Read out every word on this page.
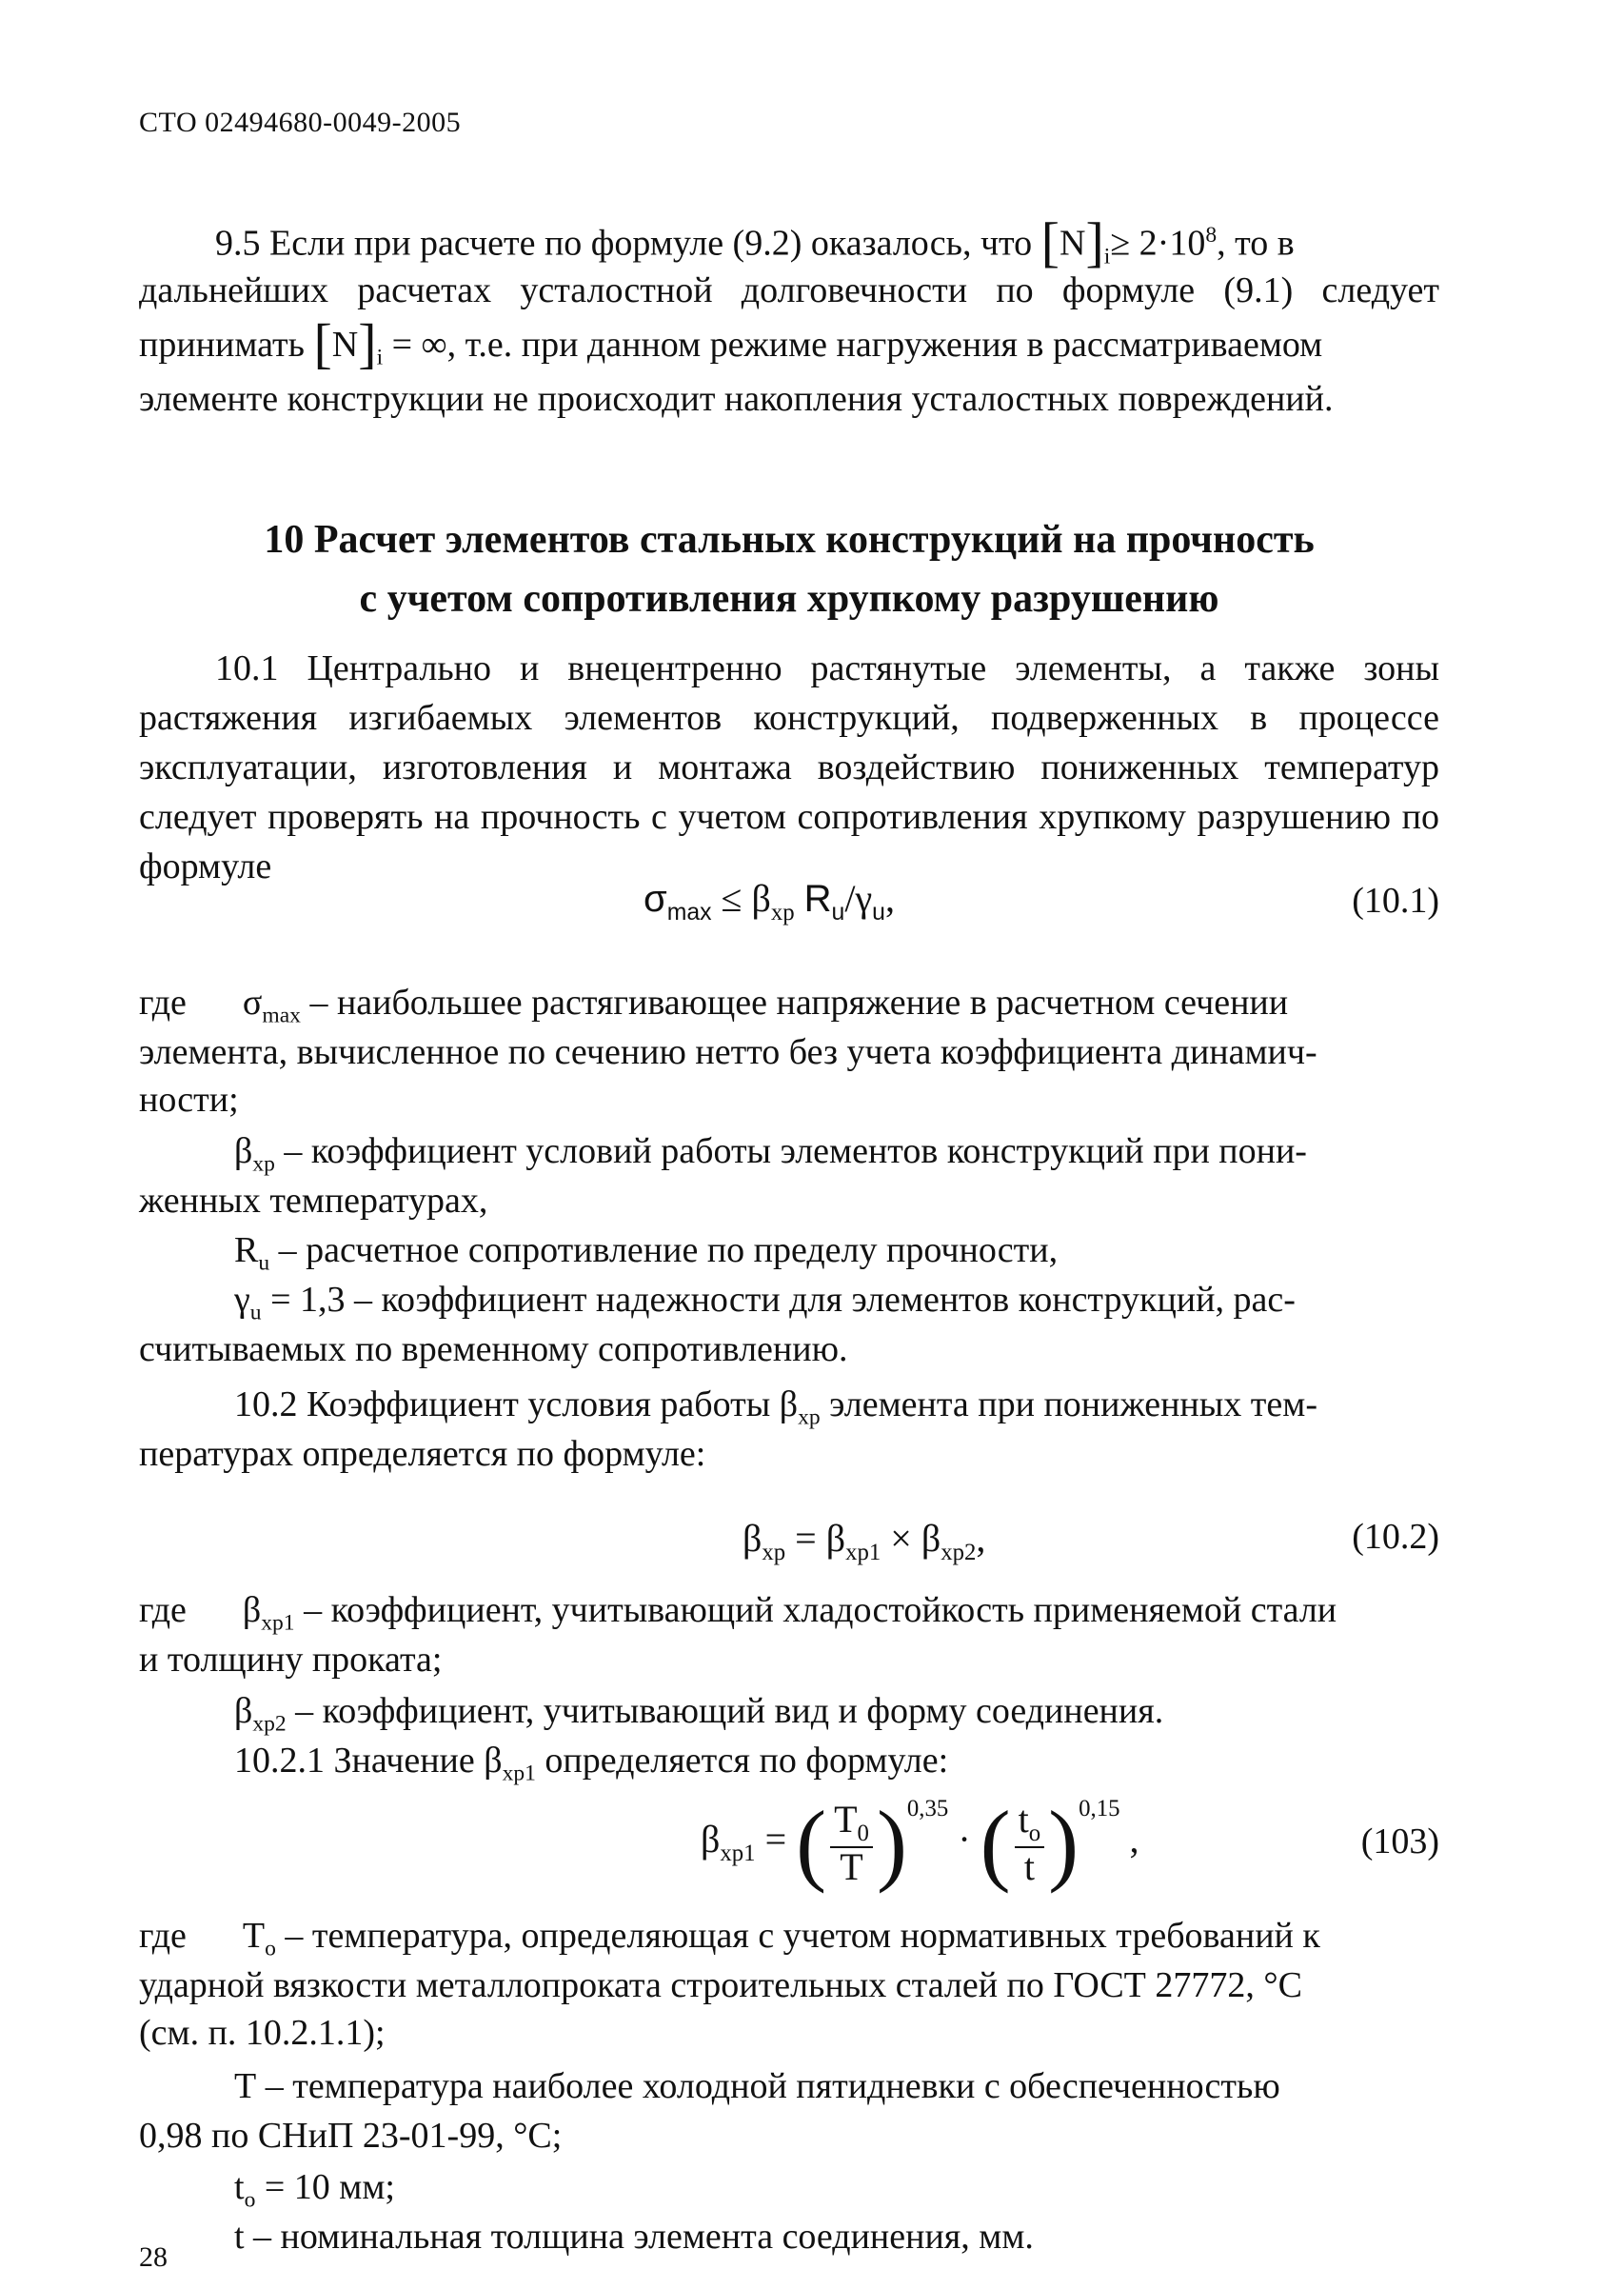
СТО 02494680-0049-2005
9.5 Если при расчете по формуле (9.2) оказалось, что $[N]_i\ge 2\cdot 10^8$, то в
дальнейших расчетах усталостной долговечности по формуле (9.1) следует
принимать $[N]_i$ = ∞, т.е. при данном режиме нагружения в рассматриваемом
элементе конструкции не происходит накопления усталостных повреждений.
10 Расчет элементов стальных конструкций на прочность
с учетом сопротивления хрупкому разрушению
10.1 Центрально и внецентренно растянутые элементы, а также зоны растяжения изгибаемых элементов конструкций, подверженных в процессе эксплуатации, изготовления и монтажа воздействию пониженных температур следует проверять на прочность с учетом сопротивления хрупкому разрушению по формуле
$\sigma_{max} \le \beta_{xp}$ $R_u/\gamma_u$,	(10.1)
где $\sigma_{max}$ – наибольшее растягивающее напряжение в расчетном сечении
элемента, вычисленное по сечению нетто без учета коэффициента динамич-
ности;
$\beta_{xp}$ – коэффициент условий работы элементов конструкций при пони-
женных температурах,
$R_u$ – расчетное сопротивление по пределу прочности,
$\gamma_u = 1,3$ – коэффициент надежности для элементов конструкций, рас-
считываемых по временному сопротивлению.
10.2 Коэффициент условия работы $\beta_{xp}$ элемента при пониженных тем-
пературах определяется по формуле:
$\beta_{xp} = \beta_{xp1} \times \beta_{xp2}$,	(10.2)
где $\beta_{xp1}$ – коэффициент, учитывающий хладостойкость применяемой стали
и толщину проката;
$\beta_{xp2}$ – коэффициент, учитывающий вид и форму соединения.
10.2.1 Значение $\beta_{xp1}$ определяется по формуле:
$\beta_{xp1}$ = ( $\frac{T_0}{T} )^{0,35}$ · ( $\frac{t_o}{t} )^{0,15}$ ,	(103)
где $T_o$ – температура, определяющая с учетом нормативных требований к
ударной вязкости металлопроката строительных сталей по ГОСТ 27772, °С
(см. п. 10.2.1.1);
Т – температура наиболее холодной пятидневки с обеспеченностью
0,98 по СНиП 23-01-99, °С;
$t_o = 10$ мм;
t – номинальная толщина элемента соединения, мм.
28
